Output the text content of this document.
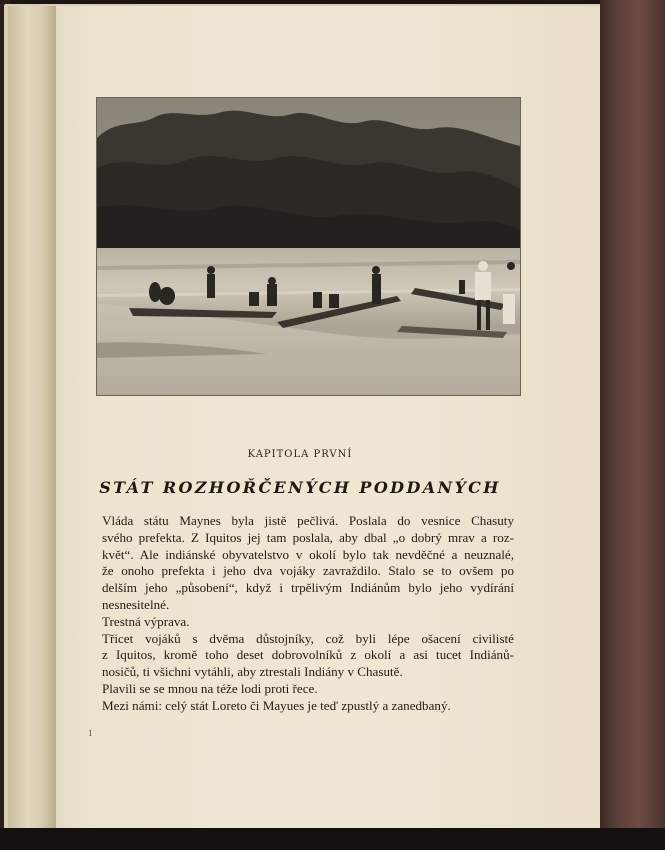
KAPITOLA PRVNÍ
STÁT ROZHOŘČENÝCH PODDANÝCH

Vláda státu Maynes byla jistě pečlivá. Poslala do vesnice Chasuty
svého prefekta. Z Iquitos jej tam poslala, aby dbal „o dobrý mrav a roz-
květ“. Ale indiánské obyvatelstvo v okolí bylo tak nevděčné a neuznalé,
že onoho prefekta i jeho dva vojáky zavraždilo. Stalo se to ovšem po
delším jeho „působení“, když i trpělivým Indiánům bylo jeho vydírání
nesnesitelné.

Trestná výprava.

Třicet vojáků s dvěma důstojníky, což byli lépe ošacení civilisté
z Iquitos, kromě toho deset dobrovolníků z okolí a asi tucet Indiánů-
nosičů, ti všichni vytáhli, aby ztrestali Indiány v Chasutě.

Plavili se se mnou na téže lodi proti řece.

Mezi námi: celý stát Loreto či Mayues je teď zpustlý a zanedbaný.

1
